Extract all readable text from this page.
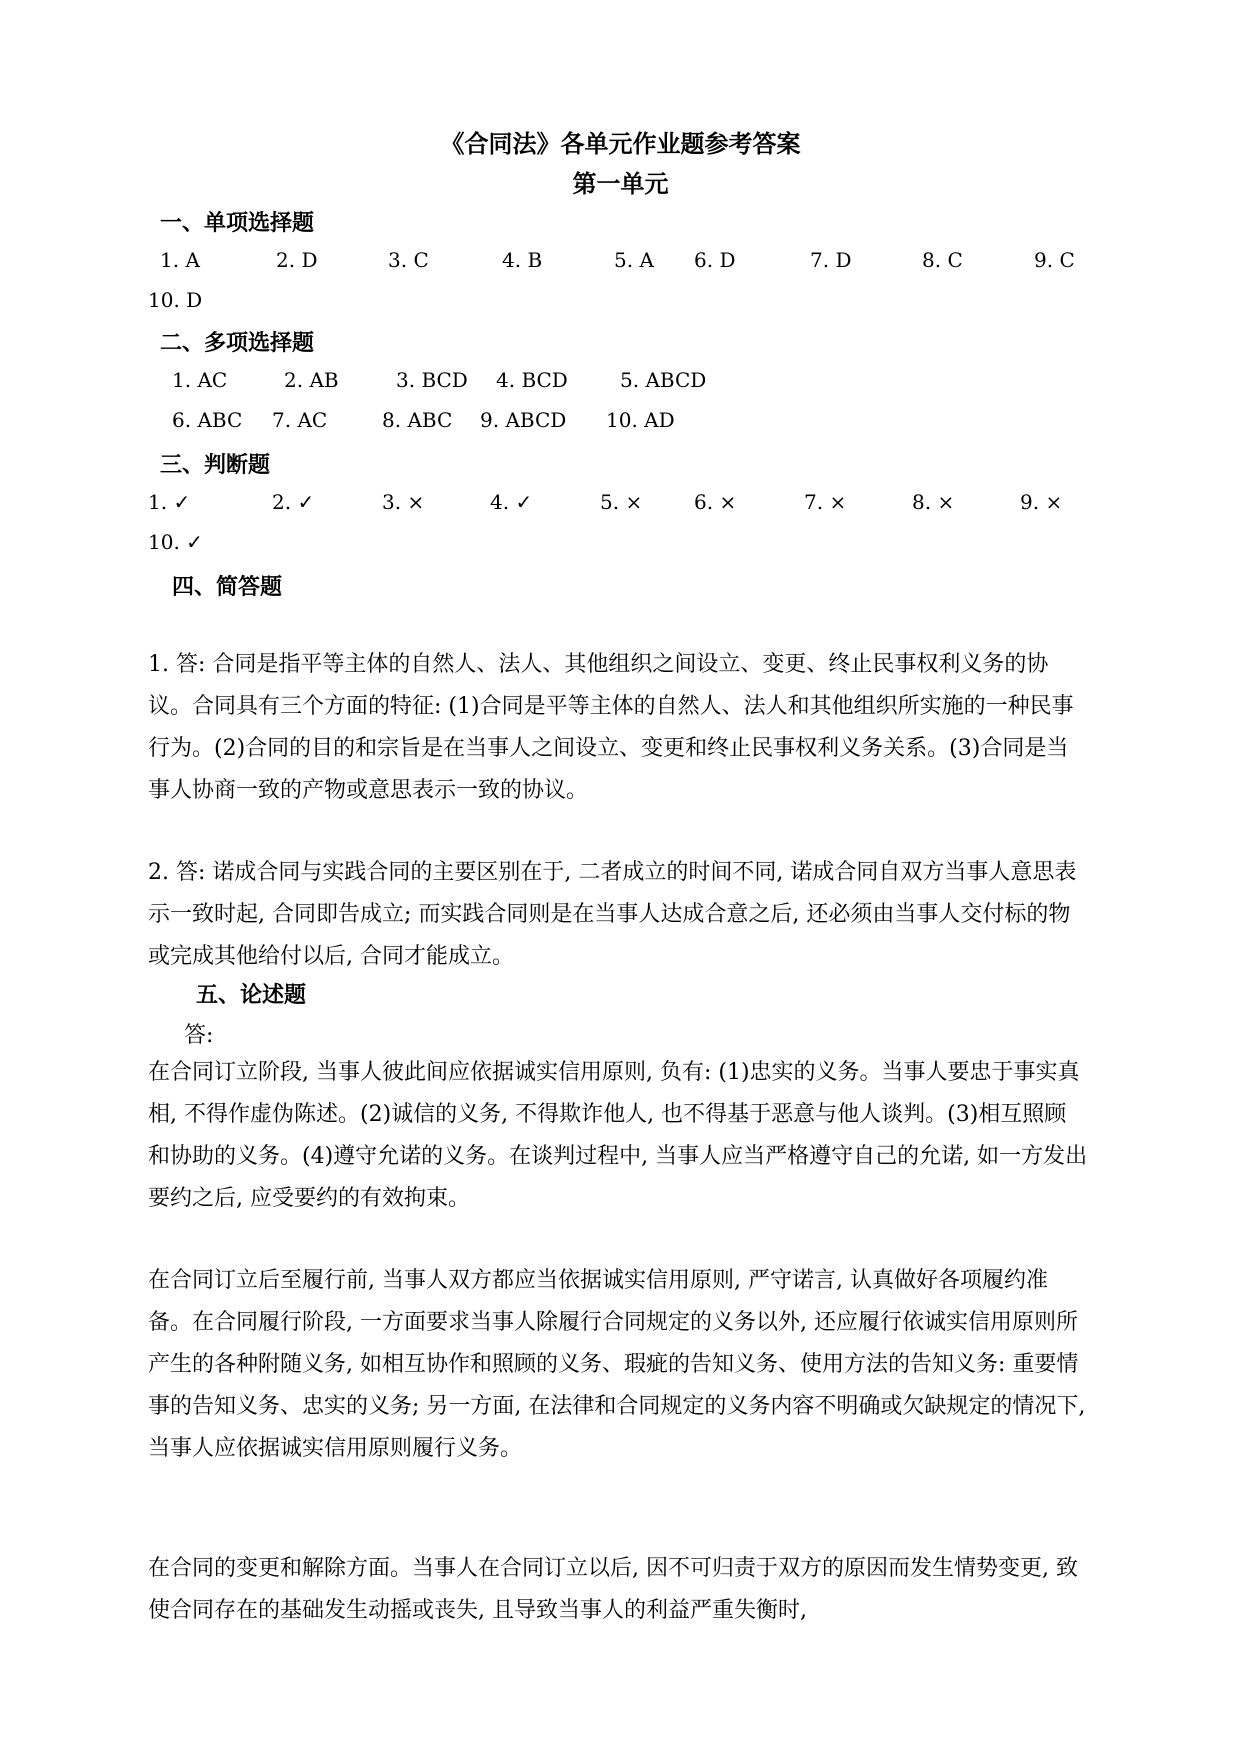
《合同法》各单元作业题参考答案
第一单元
一、单项选择题
1. A	2. D	3. C	4. B	5. A 6. D	7. D	8. C	9. C
10. D
二、多项选择题
1. AC	2. AB	3. BCD 4. BCD	5. ABCD
6. ABC 7. AC	8. ABC 9. ABCD 10. AD
三、判断题
1. ✓	2. ✓	3. ×	4. ✓	5. ×	6. ×	7. ×	8. ×	9. ×
10. ✓
四、简答题
1. 答: 合同是指平等主体的自然人、法人、其他组织之间设立、变更、终止民事权利义务的协议。合同具有三个方面的特征: (1)合同是平等主体的自然人、法人和其他组织所实施的一种民事行为。(2)合同的目的和宗旨是在当事人之间设立、变更和终止民事权利义务关系。(3)合同是当事人协商一致的产物或意思表示一致的协议。
2. 答: 诺成合同与实践合同的主要区别在于, 二者成立的时间不同, 诺成合同自双方当事人意思表示一致时起, 合同即告成立; 而实践合同则是在当事人达成合意之后, 还必须由当事人交付标的物或完成其他给付以后, 合同才能成立。
五、论述题
答:
在合同订立阶段, 当事人彼此间应依据诚实信用原则, 负有: (1)忠实的义务。当事人要忠于事实真相, 不得作虚伪陈述。(2)诚信的义务, 不得欺诈他人, 也不得基于恶意与他人谈判。(3)相互照顾和协助的义务。(4)遵守允诺的义务。在谈判过程中, 当事人应当严格遵守自己的允诺, 如一方发出要约之后, 应受要约的有效拘束。
在合同订立后至履行前, 当事人双方都应当依据诚实信用原则, 严守诺言, 认真做好各项履约准备。在合同履行阶段, 一方面要求当事人除履行合同规定的义务以外, 还应履行依诚实信用原则所产生的各种附随义务, 如相互协作和照顾的义务、瑕疵的告知义务、使用方法的告知义务: 重要情事的告知义务、忠实的义务; 另一方面, 在法律和合同规定的义务内容不明确或欠缺规定的情况下, 当事人应依据诚实信用原则履行义务。
在合同的变更和解除方面。当事人在合同订立以后, 因不可归责于双方的原因而发生情势变更, 致使合同存在的基础发生动摇或丧失, 且导致当事人的利益严重失衡时,
